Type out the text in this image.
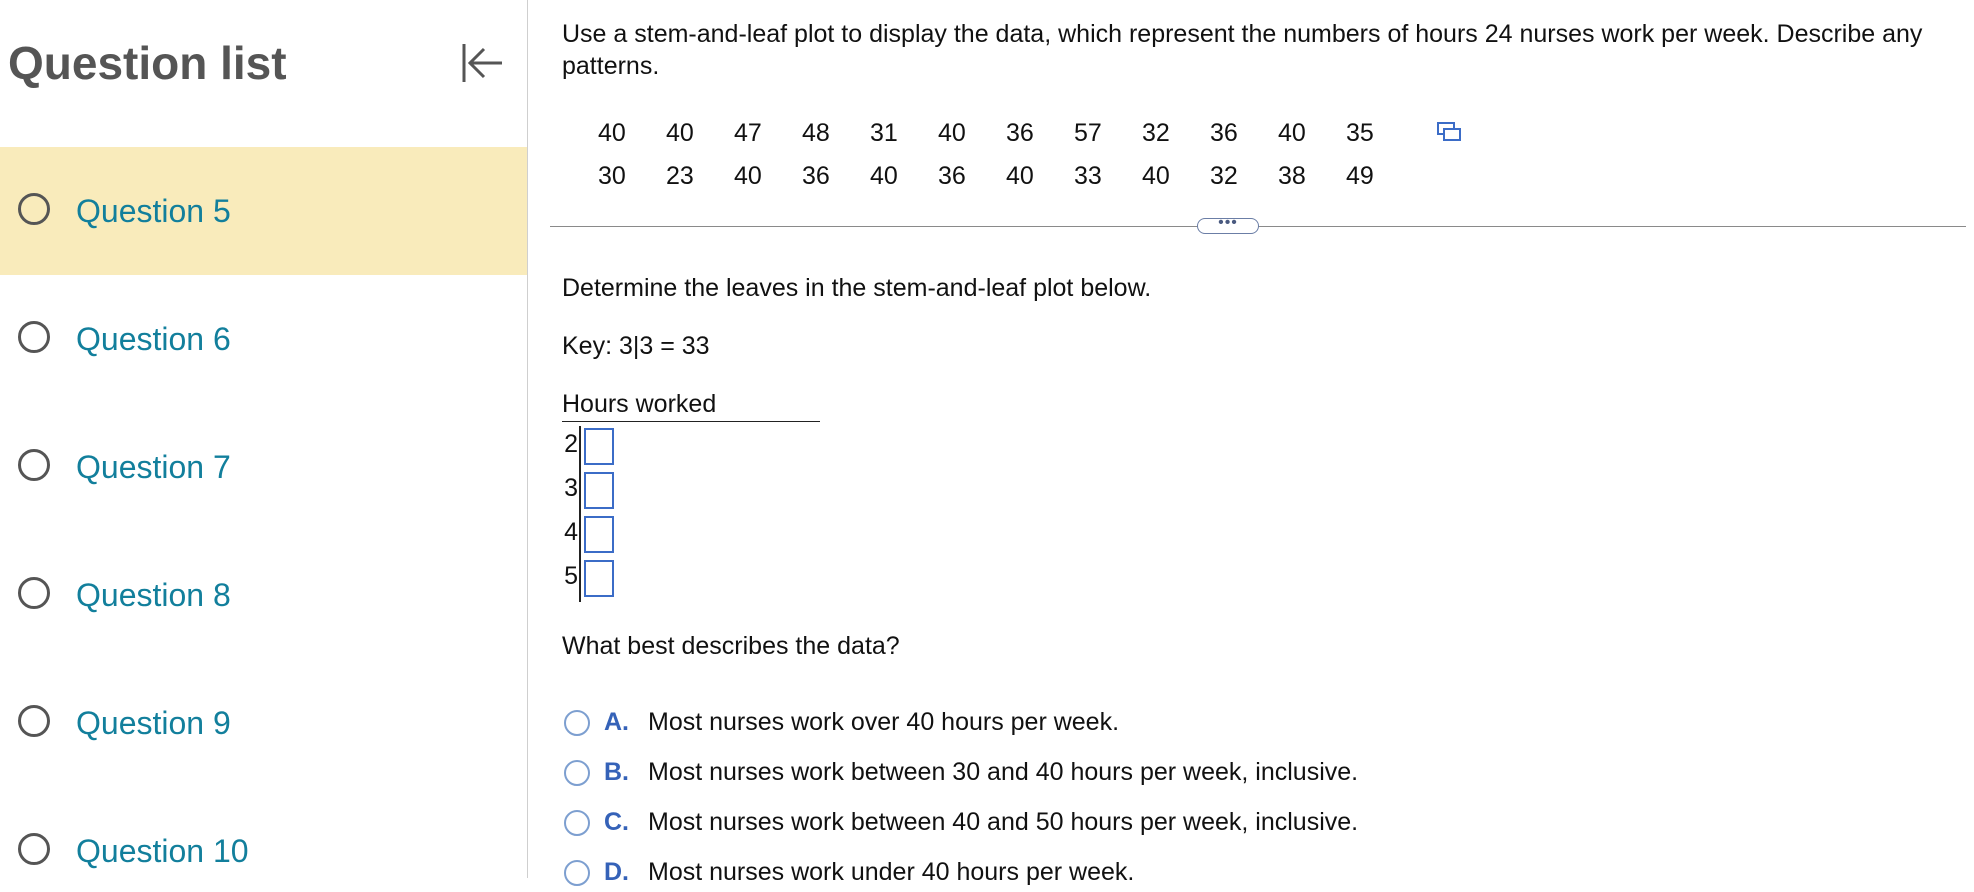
Question list
Question 5
Question 6
Question 7
Question 8
Question 9
Question 10
Use a stem-and-leaf plot to display the data, which represent the numbers of hours 24 nurses work per week. Describe any patterns.
40	40	47	48	31	40	36	57	32	36	40	35
30	23	40	36	40	36	40	33	40	32	38	49
•••
Determine the leaves in the stem-and-leaf plot below.
Key: 3|3 = 33
Hours worked
2
3
4
5
What best describes the data?
A. Most nurses work over 40 hours per week.
B. Most nurses work between 30 and 40 hours per week, inclusive.
C. Most nurses work between 40 and 50 hours per week, inclusive.
D. Most nurses work under 40 hours per week.
